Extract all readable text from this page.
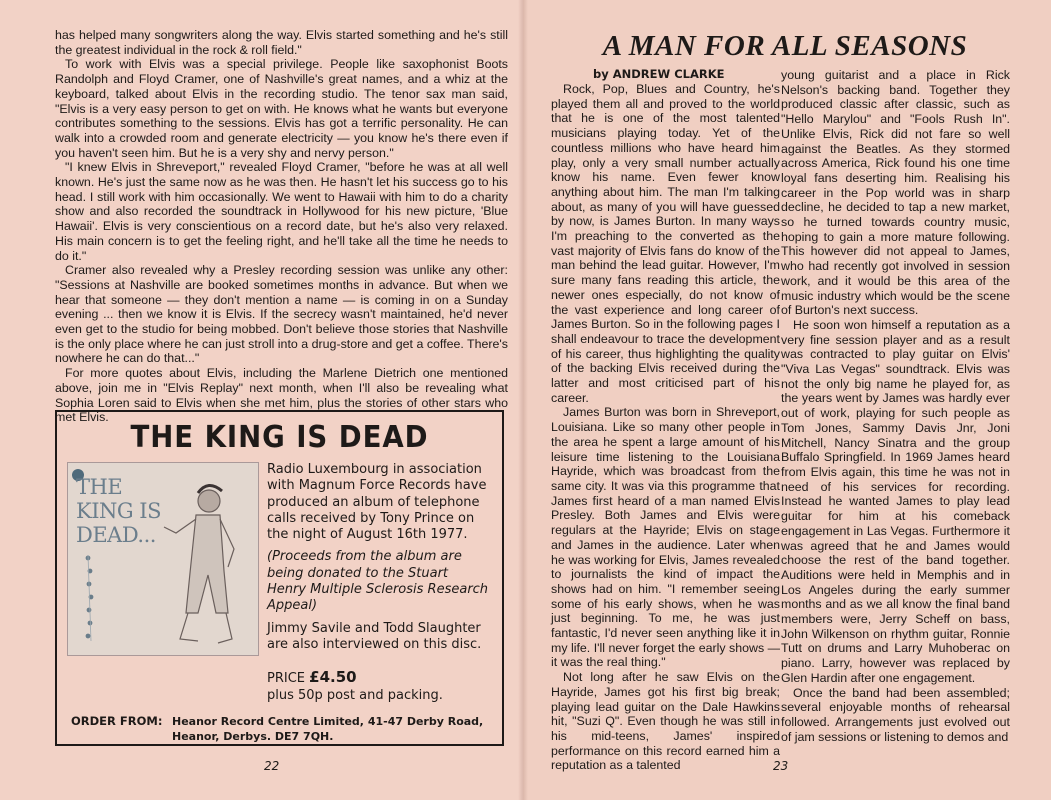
has helped many songwriters along the way. Elvis started something and he's still the greatest individual in the rock & roll field."

To work with Elvis was a special privilege. People like saxophonist Boots Randolph and Floyd Cramer, one of Nashville's great names, and a whiz at the keyboard, talked about Elvis in the recording studio. The tenor sax man said, "Elvis is a very easy person to get on with. He knows what he wants but everyone contributes something to the sessions. Elvis has got a terrific personality. He can walk into a crowded room and generate electricity — you know he's there even if you haven't seen him. But he is a very shy and nervy person."

"I knew Elvis in Shreveport," revealed Floyd Cramer, "before he was at all well known. He's just the same now as he was then. He hasn't let his success go to his head. I still work with him occasionally. We went to Hawaii with him to do a charity show and also recorded the soundtrack in Hollywood for his new picture, 'Blue Hawaii'. Elvis is very conscientious on a record date, but he's also very relaxed. His main concern is to get the feeling right, and he'll take all the time he needs to do it."

Cramer also revealed why a Presley recording session was unlike any other: "Sessions at Nashville are booked sometimes months in advance. But when we hear that someone — they don't mention a name — is coming in on a Sunday evening ... then we know it is Elvis. If the secrecy wasn't maintained, he'd never even get to the studio for being mobbed. Don't believe those stories that Nashville is the only place where he can just stroll into a drug-store and get a coffee. There's nowhere he can do that..."

For more quotes about Elvis, including the Marlene Dietrich one mentioned above, join me in "Elvis Replay" next month, when I'll also be revealing what Sophia Loren said to Elvis when she met him, plus the stories of other stars who met Elvis.

THE KING IS DEAD
THE KING IS DEAD...

Radio Luxembourg in association with Magnum Force Records have produced an album of telephone calls received by Tony Prince on the night of August 16th 1977.

(Proceeds from the album are being donated to the Stuart Henry Multiple Sclerosis Research Appeal)

Jimmy Savile and Todd Slaughter are also interviewed on this disc.

PRICE £4.50
plus 50p post and packing.

ORDER FROM: Heanor Record Centre Limited, 41-47 Derby Road,
Heanor, Derbys. DE7 7QH.
22
A MAN FOR ALL SEASONS
by ANDREW CLARKE

Rock, Pop, Blues and Country, he's played them all and proved to the world that he is one of the most talented musicians playing today. Yet of the countless millions who have heard him play, only a very small number actually know his name. Even fewer know anything about him. The man I'm talking about, as many of you will have guessed by now, is James Burton. In many ways I'm preaching to the converted as the vast majority of Elvis fans do know of the man behind the lead guitar. However, I'm sure many fans reading this article, the newer ones especially, do not know of the vast experience and long career of James Burton. So in the following pages I shall endeavour to trace the development of his career, thus highlighting the quality of the backing Elvis received during the latter and most criticised part of his career.

James Burton was born in Shreveport, Louisiana. Like so many other people in the area he spent a large amount of his leisure time listening to the Louisiana Hayride, which was broadcast from the same city. It was via this programme that James first heard of a man named Elvis Presley. Both James and Elvis were regulars at the Hayride; Elvis on stage and James in the audience. Later when he was working for Elvis, James revealed to journalists the kind of impact the shows had on him. "I remember seeing some of his early shows, when he was just beginning. To me, he was just fantastic, I'd never seen anything like it in my life. I'll never forget the early shows — it was the real thing."

Not long after he saw Elvis on the Hayride, James got his first big break; playing lead guitar on the Dale Hawkins hit, "Suzi Q". Even though he was still in his mid-teens, James' inspired performance on this record earned him a reputation as a talented

young guitarist and a place in Rick Nelson's backing band. Together they produced classic after classic, such as "Hello Marylou" and "Fools Rush In". Unlike Elvis, Rick did not fare so well against the Beatles. As they stormed across America, Rick found his one time loyal fans deserting him. Realising his career in the Pop world was in sharp decline, he decided to tap a new market, so he turned towards country music, hoping to gain a more mature following. This however did not appeal to James, who had recently got involved in session work, and it would be this area of the music industry which would be the scene of Burton's next success.

He soon won himself a reputation as a very fine session player and as a result was contracted to play guitar on Elvis' "Viva Las Vegas" soundtrack. Elvis was not the only big name he played for, as the years went by James was hardly ever out of work, playing for such people as Tom Jones, Sammy Davis Jnr, Joni Mitchell, Nancy Sinatra and the group Buffalo Springfield. In 1969 James heard from Elvis again, this time he was not in need of his services for recording. Instead he wanted James to play lead guitar for him at his comeback engagement in Las Vegas. Furthermore it was agreed that he and James would choose the rest of the band together. Auditions were held in Memphis and in Los Angeles during the early summer months and as we all know the final band members were, Jerry Scheff on bass, John Wilkenson on rhythm guitar, Ronnie Tutt on drums and Larry Muhoberac on piano. Larry, however was replaced by Glen Hardin after one engagement.

Once the band had been assembled; several enjoyable months of rehearsal followed. Arrangements just evolved out of jam sessions or listening to demos and

23
